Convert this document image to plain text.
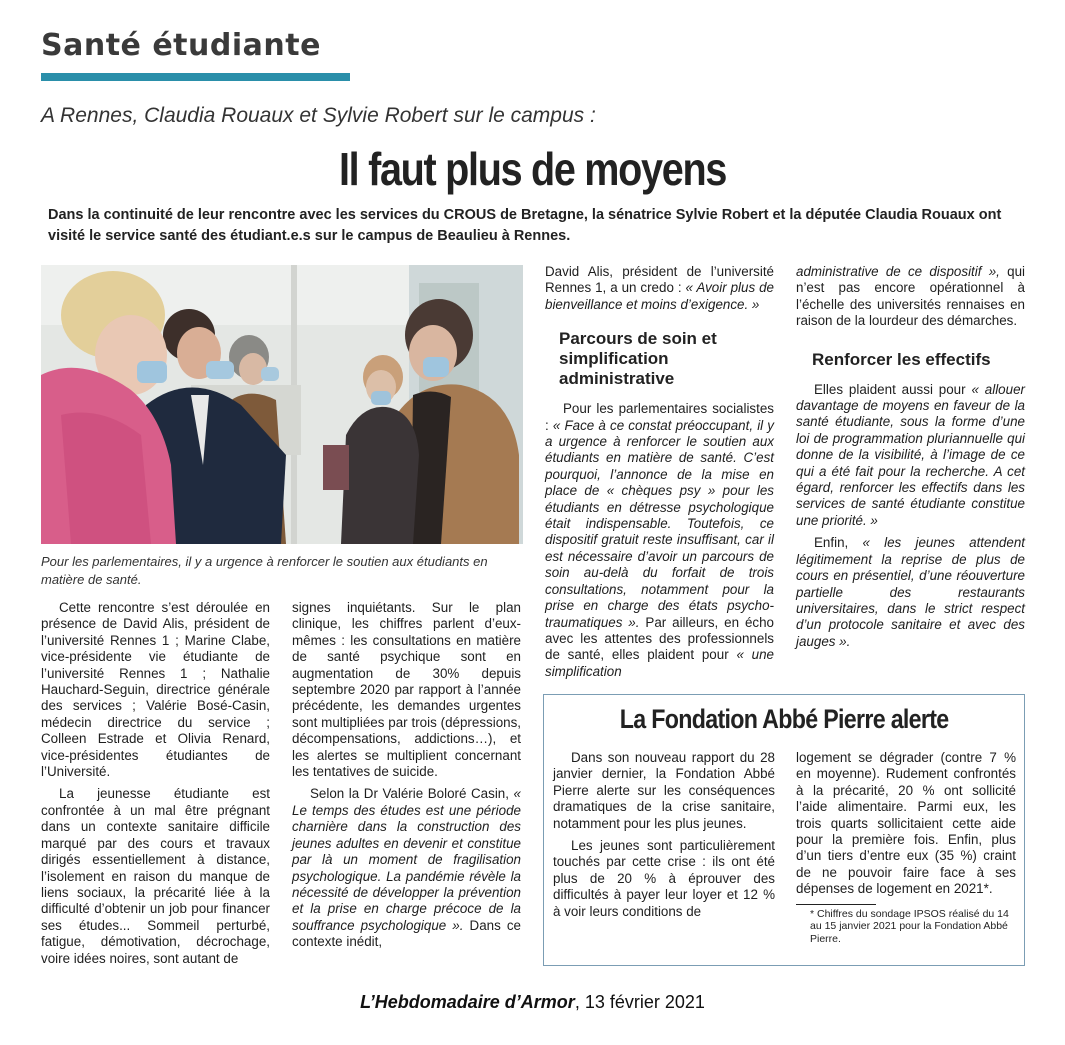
Santé étudiante
A Rennes, Claudia Rouaux et Sylvie Robert sur le campus :
Il faut plus de moyens
Dans la continuité de leur rencontre avec les services du CROUS de Bretagne, la sénatrice Sylvie Robert et la députée Claudia Rouaux ont visité le service santé des étudiant.e.s sur le campus de Beaulieu à Rennes.
Pour les parlementaires, il y a urgence à renforcer le soutien aux étudiants en matière de santé.

Cette rencontre s’est déroulée en présence de David Alis, président de l’université Rennes 1 ; Marine Clabe, vice-présidente vie étudiante de l’université Rennes 1 ; Nathalie Hauchard-Seguin, directrice générale des services ; Valérie Bosé-Casin, médecin directrice du service ; Colleen Estrade et Olivia Renard, vice-présidentes étudiantes de l’Université.

La jeunesse étudiante est confrontée à un mal être prégnant dans un contexte sanitaire difficile marqué par des cours et travaux dirigés essentiellement à distance, l’isolement en raison du manque de liens sociaux, la précarité liée à la difficulté d’obtenir un job pour financer ses études... Sommeil perturbé, fatigue, démotivation, décrochage, voire idées noires, sont autant de

signes inquiétants. Sur le plan clinique, les chiffres parlent d’eux-mêmes : les consultations en matière de santé psychique sont en augmentation de 30% depuis septembre 2020 par rapport à l’année précédente, les demandes urgentes sont multipliées par trois (dépressions, décompensations, addictions…), et les alertes se multiplient concernant les tentatives de suicide.

Selon la Dr Valérie Boloré Casin, « Le temps des études est une période charnière dans la construction des jeunes adultes en devenir et constitue par là un moment de fragilisation psychologique. La pandémie révèle la nécessité de développer la prévention et la prise en charge précoce de la souffrance psychologique ». Dans ce contexte inédit,

David Alis, président de l’université Rennes 1, a un credo : « Avoir plus de bienveillance et moins d’exigence. »

Parcours de soin et simplification administrative

Pour les parlementaires socialistes : « Face à ce constat préoccupant, il y a urgence à renforcer le soutien aux étudiants en matière de santé. C’est pourquoi, l’annonce de la mise en place de « chèques psy » pour les étudiants en détresse psychologique était indispensable. Toutefois, ce dispositif gratuit reste insuffisant, car il est nécessaire d’avoir un parcours de soin au-delà du forfait de trois consultations, notamment pour la prise en charge des états psycho-traumatiques ». Par ailleurs, en écho avec les attentes des professionnels de santé, elles plaident pour « une simplification

administrative de ce dispositif », qui n’est pas encore opérationnel à l’échelle des universités rennaises en raison de la lourdeur des démarches.

Renforcer les effectifs

Elles plaident aussi pour « allouer davantage de moyens en faveur de la santé étudiante, sous la forme d’une loi de programmation pluriannuelle qui donne de la visibilité, à l’image de ce qui a été fait pour la recherche. A cet égard, renforcer les effectifs dans les services de santé étudiante constitue une priorité. »

Enfin, « les jeunes attendent légitimement la reprise de plus de cours en présentiel, d’une réouverture partielle des restaurants universitaires, dans le strict respect d’un protocole sanitaire et avec des jauges ».

La Fondation Abbé Pierre alerte

Dans son nouveau rapport du 28 janvier dernier, la Fondation Abbé Pierre alerte sur les conséquences dramatiques de la crise sanitaire, notamment pour les plus jeunes.

Les jeunes sont particulièrement touchés par cette crise : ils ont été plus de 20 % à éprouver des difficultés à payer leur loyer et 12 % à voir leurs conditions de

logement se dégrader (contre 7 % en moyenne). Rudement confrontés à la précarité, 20 % ont sollicité l’aide alimentaire. Parmi eux, les trois quarts sollicitaient cette aide pour la première fois. Enfin, plus d’un tiers d’entre eux (35 %) craint de ne pouvoir faire face à ses dépenses de logement en 2021*.

* Chiffres du sondage IPSOS réalisé du 14 au 15 janvier 2021 pour la Fondation Abbé Pierre.
L’Hebdomadaire d’Armor, 13 février 2021
